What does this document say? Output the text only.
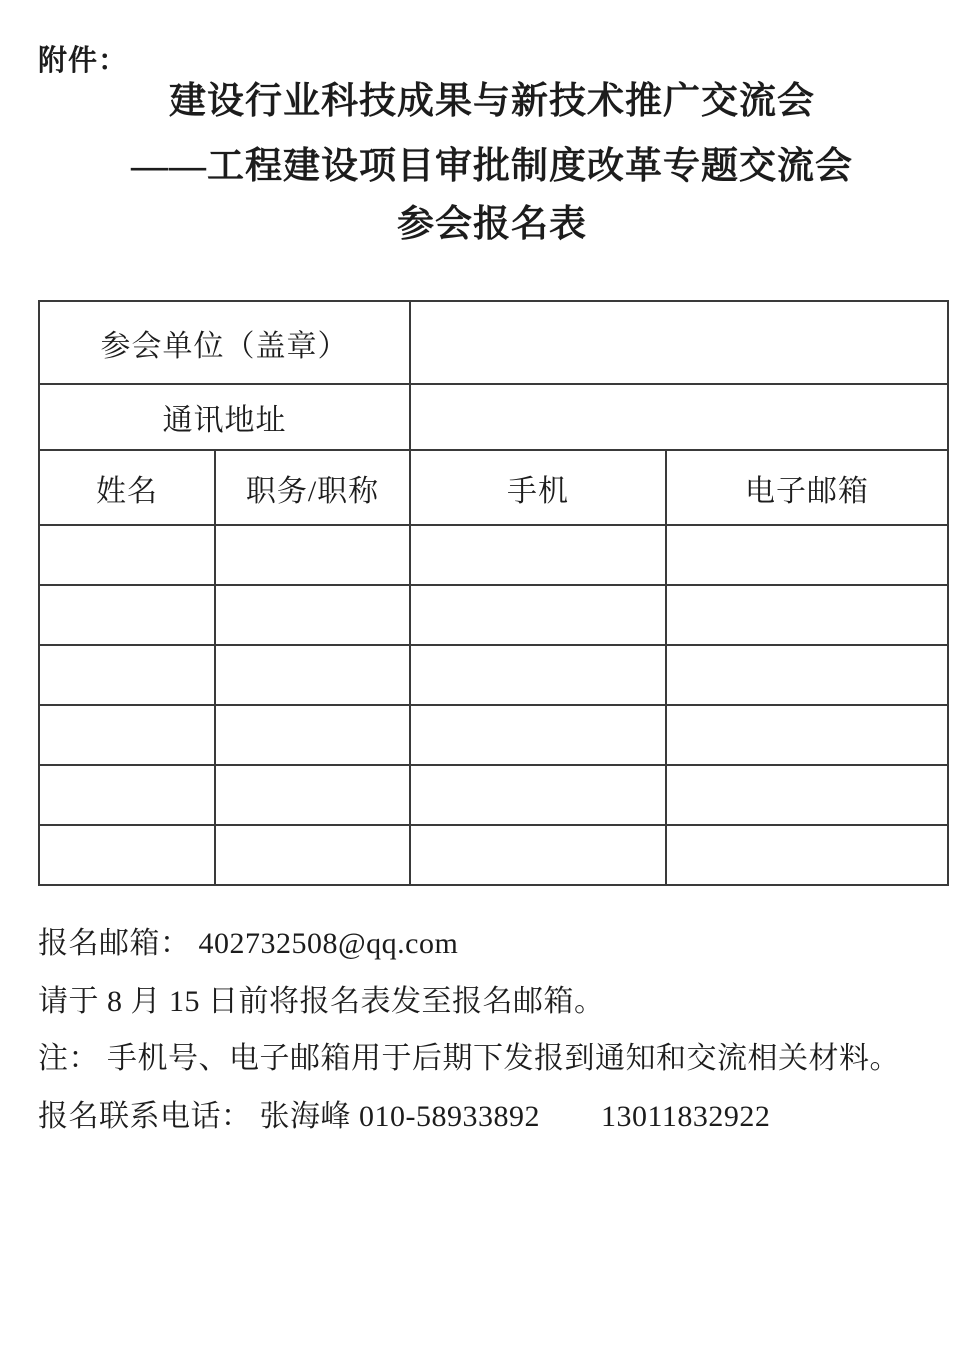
附件：
建设行业科技成果与新技术推广交流会
——工程建设项目审批制度改革专题交流会
参会报名表
参会单位（盖章）			
通讯地址			
姓名	职务/职称	手机	电子邮箱

报名邮箱： 402732508@qq.com
请于 8 月 15 日前将报名表发至报名邮箱。
注： 手机号、电子邮箱用于后期下发报到通知和交流相关材料。
报名联系电话： 张海峰 010-58933892　　13011832922
